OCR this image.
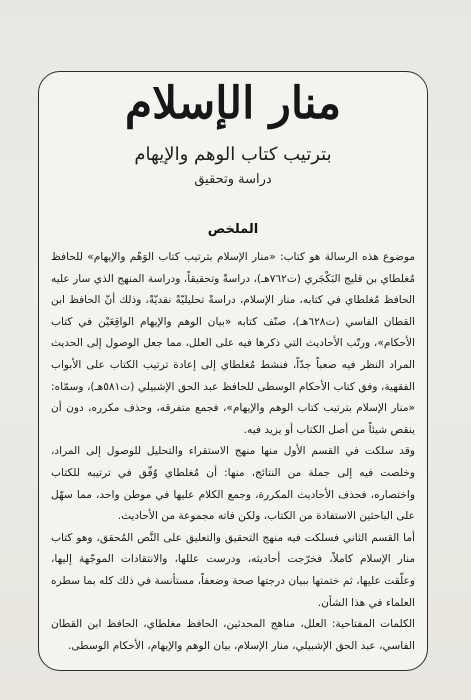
منار الإسلام
بترتيب كتاب الوهم والإيهام
دراسة وتحقيق
الملخص

موضوع هذه الرسالة هو كتاب: «منار الإسلام بترتيب كتاب الوَهْم والإيهام» للحافظ مُغلطاي بن قليج البَكْجَري (ت٧٦٢هـ)، دراسةً وتحقيقاً، ودراسة المنهج الذي سار عليه الحافظ مُغلطاي في كتابه، منار الإسلام، دراسةً تحليليّةً نقديّةً، وذلك أنّ الحافظ ابن القطان الفاسي (ت٦٢٨هـ)، صنّف كتابه «بيان الوهم والإيهام الواقِعَيْن في كتاب الأحكام»، ورتّب الأحاديث التي ذكرها فيه على العلل، مما جعل الوصول إلى الحديث المراد النظر فيه صعباً جدّاً، فنشط مُغلطاي إلى إعادة ترتيب الكتاب على الأبواب الفقهية، وفق كتاب الأحكام الوسطى للحافظ عبد الحق الإشبيلي (ت٥٨١هـ)، وسمّاه: «منار الإسلام بترتيب كتاب الوهم والإيهام»، فجمع متفرقه، وحذف مكرره، دون أن ينقص شيئاً من أصل الكتاب أو يزيد فيه.

وقد سلكت في القسم الأول منها منهج الاستقراء والتحليل للوصول إلى المراد، وخلصت فيه إلى جملة من النتائج، منها: أن مُغلطاي وُفّق في ترتيبه للكتاب واختصاره، فحذف الأحاديث المكررة، وجمع الكلام عليها في موطن واحد، مما سهّل على الباحثين الاستفادة من الكتاب، ولكن فاته مجموعة من الأحاديث.

أما القسم الثاني فسلكت فيه منهج التحقيق والتعليق على النَّص المُحقق، وهو كتاب منار الإسلام كاملاً، فخرّجت أحاديثه، ودرست عللها، والانتقادات الموجّهة إليها، وعلّقت عليها، ثم ختمتها ببيان درجتها صحة وضعفاً، مستأنسة في ذلك كله بما سطره العلماء في هذا الشأن.

الكلمات المفتاحية: العلل، مناهج المحدثين، الحافظ مغلطاي، الحافظ ابن القطان الفاسي، عبد الحق الإشبيلي، منار الإسلام، بيان الوهم والإيهام، الأحكام الوسطى.
